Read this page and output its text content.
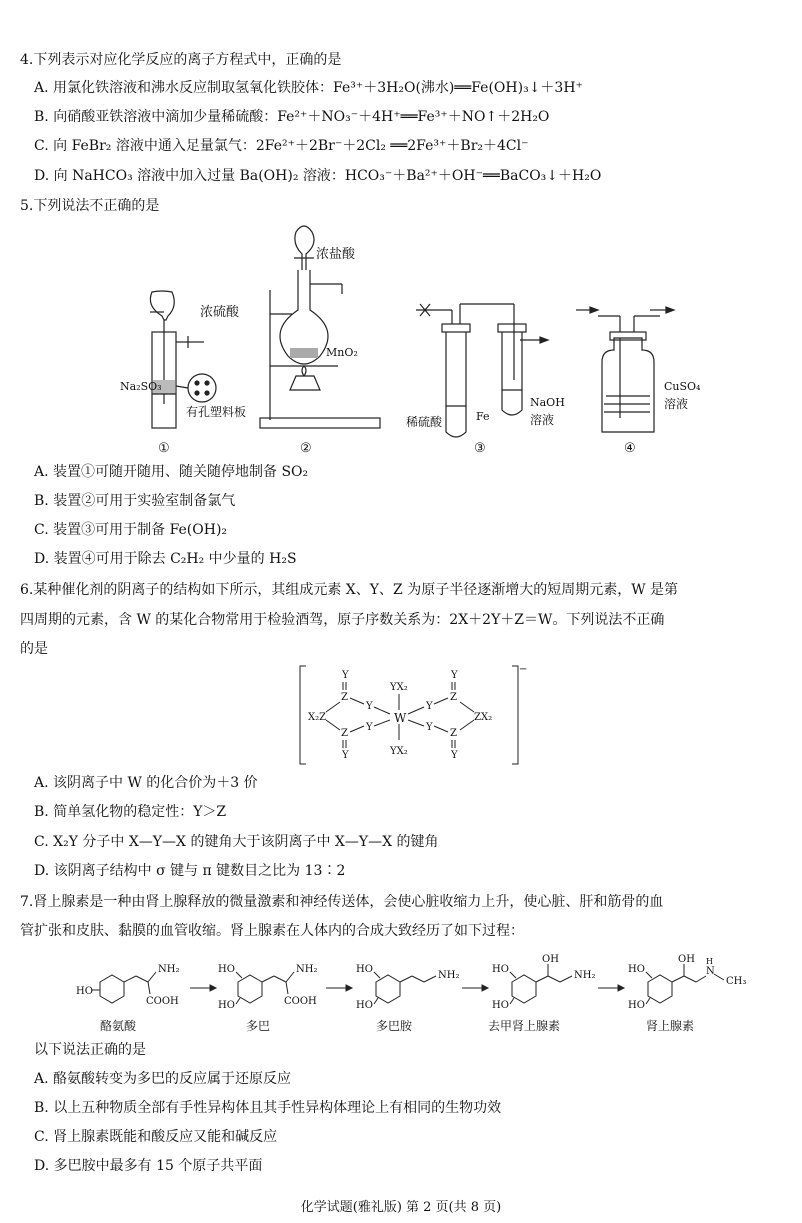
4.下列表示对应化学反应的离子方程式中，正确的是
A. 用氯化铁溶液和沸水反应制取氢氧化铁胶体：Fe³⁺＋3H₂O(沸水)══Fe(OH)₃↓＋3H⁺
B. 向硝酸亚铁溶液中滴加少量稀硫酸：Fe²⁺＋NO₃⁻＋4H⁺══Fe³⁺＋NO↑＋2H₂O
C. 向 FeBr₂ 溶液中通入足量氯气：2Fe²⁺＋2Br⁻＋2Cl₂ ══2Fe³⁺＋Br₂＋4Cl⁻
D. 向 NaHCO₃ 溶液中加入过量 Ba(OH)₂ 溶液：HCO₃⁻＋Ba²⁺＋OH⁻══BaCO₃↓＋H₂O
5.下列说法不正确的是
浓硫酸
Na₂SO₃
有孔塑料板
①
浓盐酸
MnO₂
②
稀硫酸	Fe
NaOH
溶液
③
CuSO₄
溶液
④
A. 装置①可随开随用、随关随停地制备 SO₂
B. 装置②可用于实验室制备氯气
C. 装置③可用于制备 Fe(OH)₂
D. 装置④可用于除去 C₂H₂ 中少量的 H₂S
6.某种催化剂的阴离子的结构如下所示，其组成元素 X、Y、Z 为原子半径逐渐增大的短周期元素，W 是第
四周期的元素，含 W 的某化合物常用于检验酒驾，原子序数关系为：2X＋2Y＋Z＝W。下列说法不正确
的是
−
Y
Z
Y
X₂Z
Z
Y
Y
W
YX₂
YX₂
Y
Z
Y
Y
Z
Y
ZX₂
A. 该阴离子中 W 的化合价为＋3 价
B. 简单氢化物的稳定性：Y＞Z
C. X₂Y 分子中 X—Y—X 的键角大于该阴离子中 X—Y—X 的键角
D. 该阴离子结构中 σ 键与 π 键数目之比为 13∶2
7.肾上腺素是一种由肾上腺释放的微量激素和神经传送体，会使心脏收缩力上升，使心脏、肝和筋骨的血
管扩张和皮肤、黏膜的血管收缩。肾上腺素在人体内的合成大致经历了如下过程：
HO
NH₂
COOH
HO
HO
NH₂
COOH
HO
HO
NH₂
HO
HO
OH
NH₂
HO
HO
OH
N
H
CH₃
酪氨酸	多巴	多巴胺	去甲肾上腺素	肾上腺素
以下说法正确的是
A. 酪氨酸转变为多巴的反应属于还原反应
B. 以上五种物质全部有手性异构体且其手性异构体理论上有相同的生物功效
C. 肾上腺素既能和酸反应又能和碱反应
D. 多巴胺中最多有 15 个原子共平面
化学试题(雅礼版) 第 2 页(共 8 页)
